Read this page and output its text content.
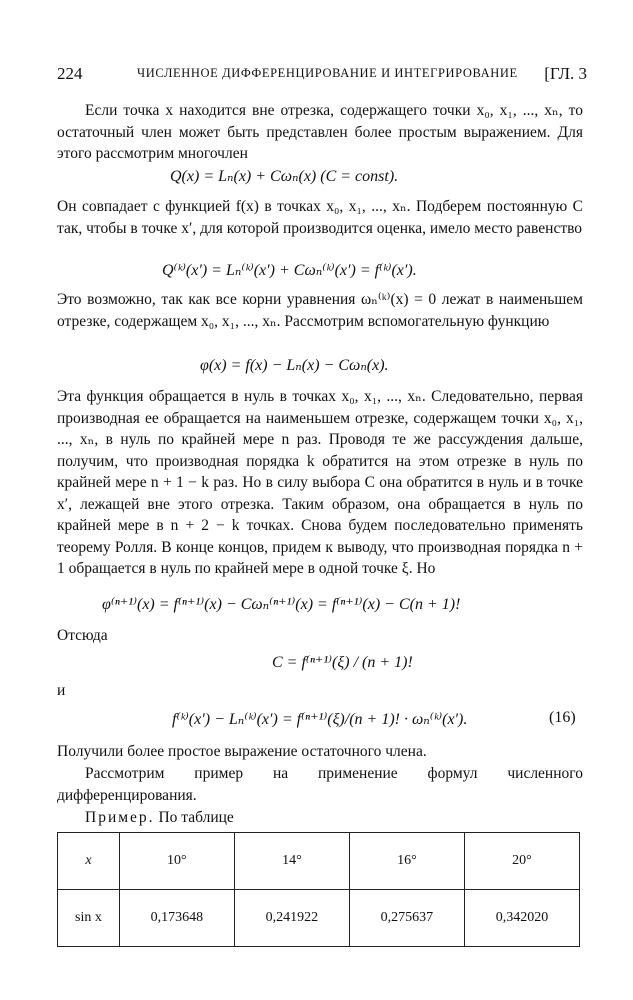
224	ЧИСЛЕННОЕ ДИФФЕРЕНЦИРОВАНИЕ И ИНТЕГРИРОВАНИЕ [ГЛ. 3
Если точка x находится вне отрезка, содержащего точки x₀, x₁, ..., xₙ, то остаточный член может быть представлен более простым выражением. Для этого рассмотрим многочлен
Q(x) = Lₙ(x) + Cωₙ(x) (C = const).
Он совпадает с функцией f(x) в точках x₀, x₁, ..., xₙ. Подберем постоянную C так, чтобы в точке x′, для которой производится оценка, имело место равенство
Q⁽ᵏ⁾(x′) = Lₙ⁽ᵏ⁾(x′) + Cωₙ⁽ᵏ⁾(x′) = f⁽ᵏ⁾(x′).
Это возможно, так как все корни уравнения ωₙ⁽ᵏ⁾(x) = 0 лежат в наименьшем отрезке, содержащем x₀, x₁, ..., xₙ. Рассмотрим вспомогательную функцию
φ(x) = f(x) − Lₙ(x) − Cωₙ(x).
Эта функция обращается в нуль в точках x₀, x₁, ..., xₙ. Следовательно, первая производная ее обращается на наименьшем отрезке, содержащем точки x₀, x₁, ..., xₙ, в нуль по крайней мере n раз. Проводя те же рассуждения дальше, получим, что производная порядка k обратится на этом отрезке в нуль по крайней мере n + 1 − k раз. Но в силу выбора C она обратится в нуль и в точке x′, лежащей вне этого отрезка. Таким образом, она обращается в нуль по крайней мере в n + 2 − k точках. Снова будем последовательно применять теорему Ролля. В конце концов, придем к выводу, что производная порядка n + 1 обращается в нуль по крайней мере в одной точке ξ. Но
φ⁽ⁿ⁺¹⁾(x) = f⁽ⁿ⁺¹⁾(x) − Cωₙ⁽ⁿ⁺¹⁾(x) = f⁽ⁿ⁺¹⁾(x) − C(n + 1)!
Отсюда
C = f⁽ⁿ⁺¹⁾(ξ) / (n + 1)!
и
f⁽ᵏ⁾(x′) − Lₙ⁽ᵏ⁾(x′) = f⁽ⁿ⁺¹⁾(ξ)/(n + 1)! · ωₙ⁽ᵏ⁾(x′).	(16)
Получили более простое выражение остаточного члена.
Рассмотрим пример на применение формул численного дифференцирования.
Пример. По таблице
x	10°	14°	16°	20°
sin x	0,173648	0,241922	0,275637	0,342020
